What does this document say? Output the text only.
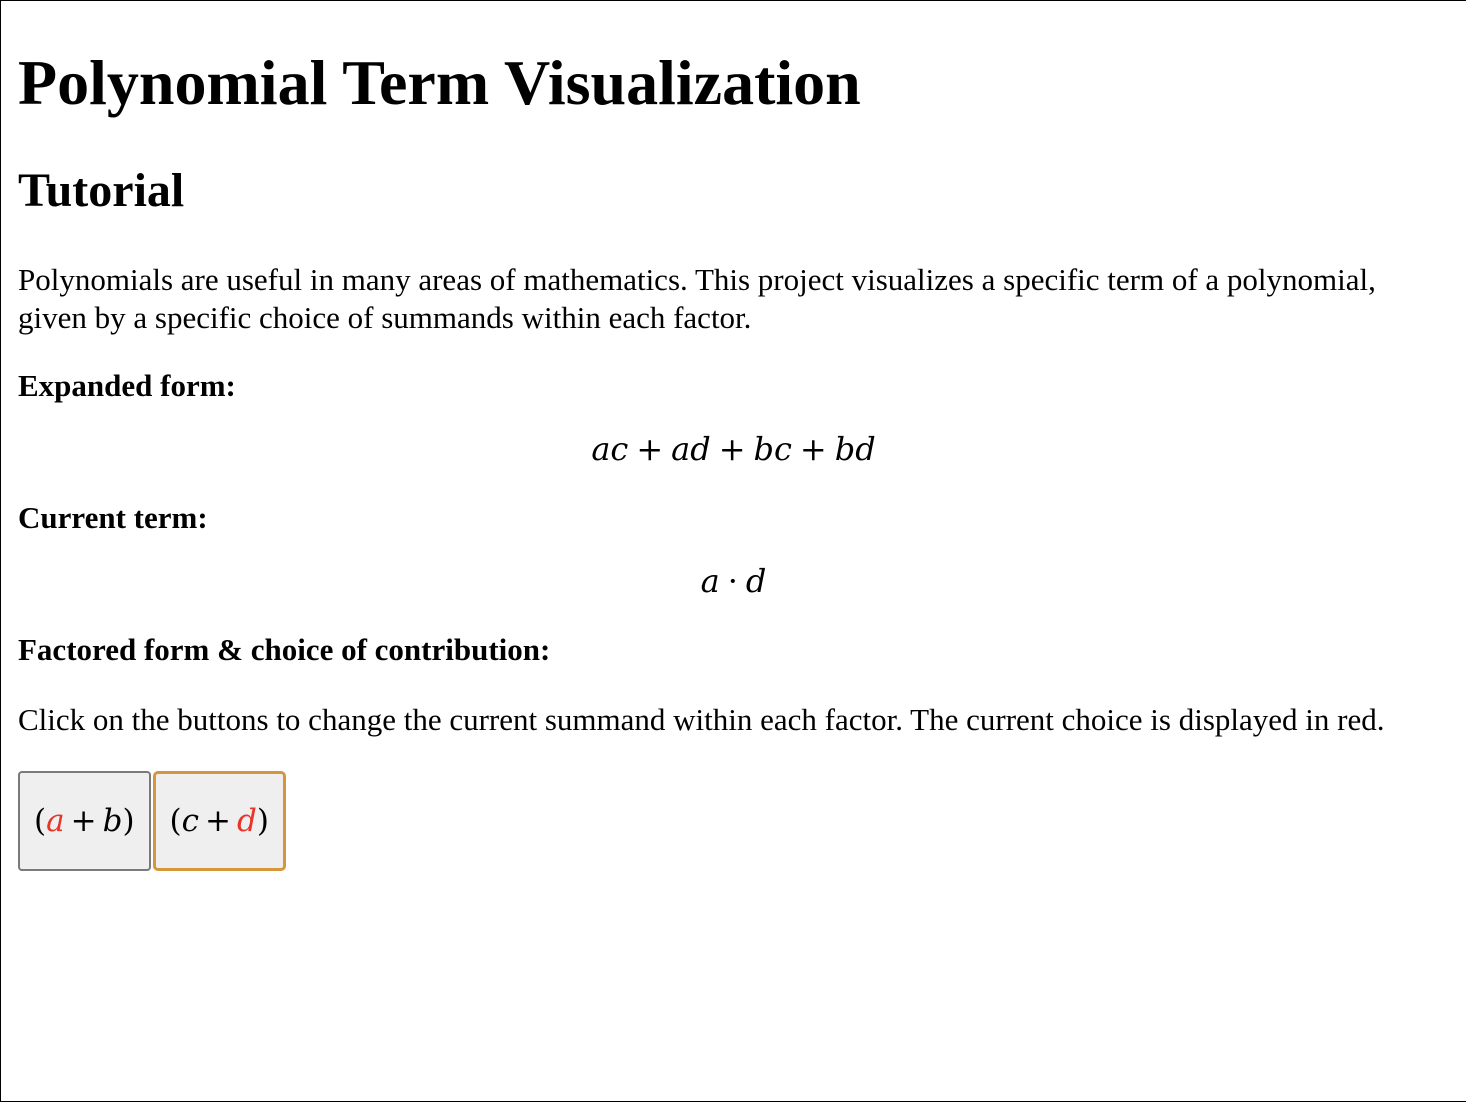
Polynomial Term Visualization
Tutorial

Polynomials are useful in many areas of mathematics. This project visualizes a specific term of a polynomial, given by a specific choice of summands within each factor.

Expanded form:

ac + ad + bc + bd

Current term:

a · d

Factored form & choice of contribution:

Click on the buttons to change the current summand within each factor. The current choice is displayed in red.

( a + b ) ( c + d )
